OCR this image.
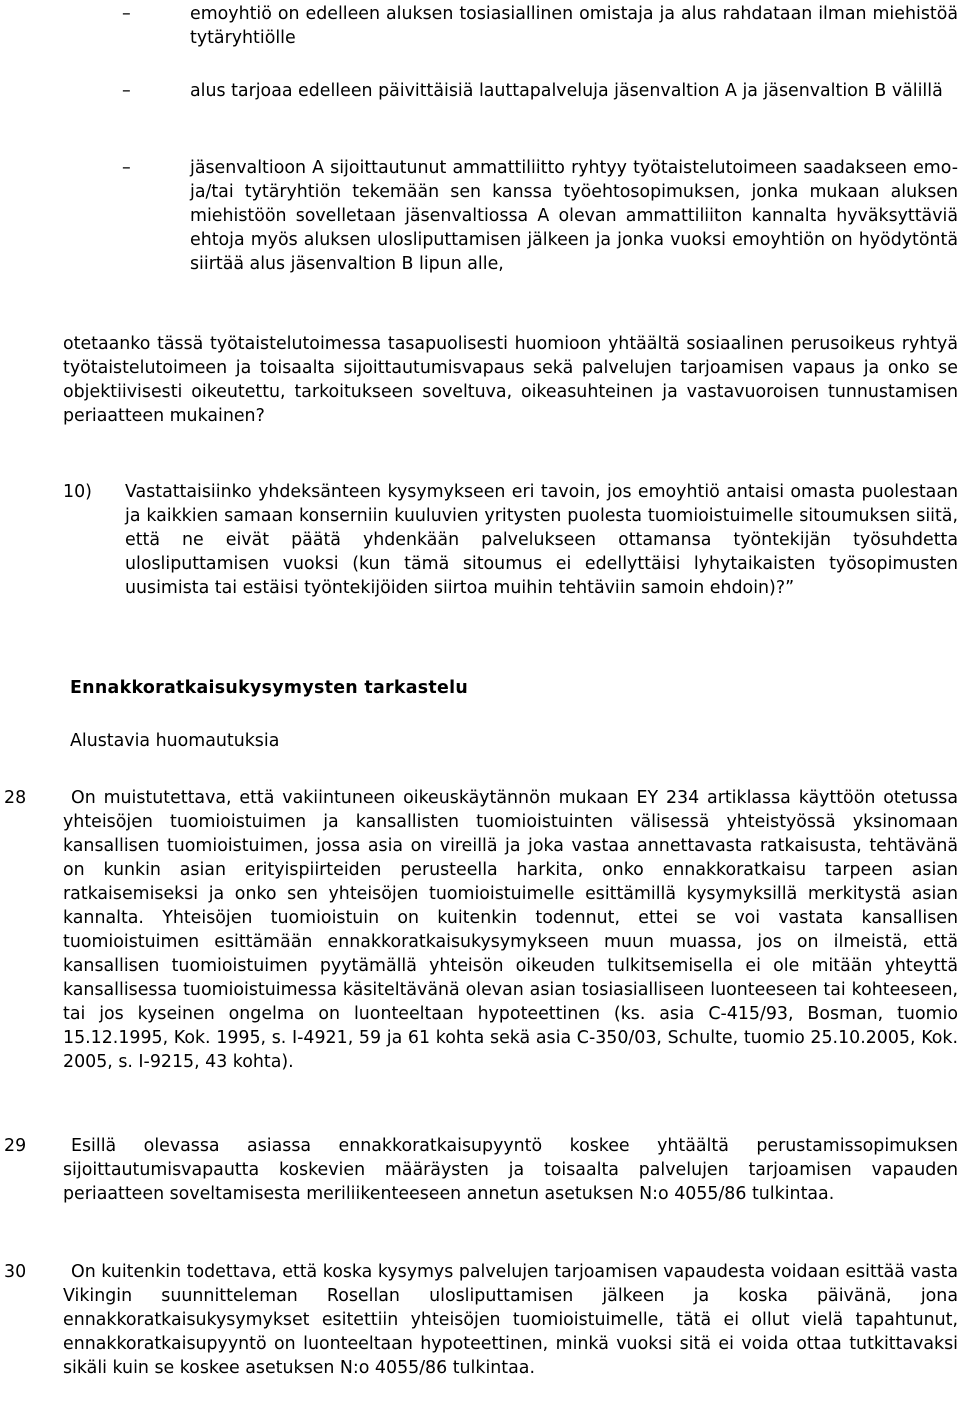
–	emoyhtiö on edelleen aluksen tosiasiallinen omistaja ja alus rahdataan ilman miehistöä tytäryhtiölle
–	alus tarjoaa edelleen päivittäisiä lauttapalveluja jäsenvaltion A ja jäsenvaltion B välillä
–	jäsenvaltioon A sijoittautunut ammattiliitto ryhtyy työtaistelutoimeen saadakseen emo- ja/tai tytäryhtiön tekemään sen kanssa työehtosopimuksen, jonka mukaan aluksen miehistöön sovelletaan jäsenvaltiossa A olevan ammattiliiton kannalta hyväksyttäviä ehtoja myös aluksen ulosliputtamisen jälkeen ja jonka vuoksi emoyhtiön on hyödytöntä siirtää alus jäsenvaltion B lipun alle,
otetaanko tässä työtaistelutoimessa tasapuolisesti huomioon yhtäältä sosiaalinen perusoikeus ryhtyä työtaistelutoimeen ja toisaalta sijoittautumisvapaus sekä palvelujen tarjoamisen vapaus ja onko se objektiivisesti oikeutettu, tarkoitukseen soveltuva, oikeasuhteinen ja vastavuoroisen tunnustamisen periaatteen mukainen?
10) Vastattaisiinko yhdeksänteen kysymykseen eri tavoin, jos emoyhtiö antaisi omasta puolestaan ja kaikkien samaan konserniin kuuluvien yritysten puolesta tuomioistuimelle sitoumuksen siitä, että ne eivät päätä yhdenkään palvelukseen ottamansa työntekijän työsuhdetta ulosliputtamisen vuoksi (kun tämä sitoumus ei edellyttäisi lyhytaikaisten työsopimusten uusimista tai estäisi työntekijöiden siirtoa muihin tehtäviin samoin ehdoin)?”
Ennakkoratkaisukysymysten tarkastelu
Alustavia huomautuksia
28	On muistutettava, että vakiintuneen oikeuskäytännön mukaan EY 234 artiklassa käyttöön otetussa yhteisöjen tuomioistuimen ja kansallisten tuomioistuinten välisessä yhteistyössä yksinomaan kansallisen tuomioistuimen, jossa asia on vireillä ja joka vastaa annettavasta ratkaisusta, tehtävänä on kunkin asian erityispiirteiden perusteella harkita, onko ennakkoratkaisu tarpeen asian ratkaisemiseksi ja onko sen yhteisöjen tuomioistuimelle esittämillä kysymyksillä merkitystä asian kannalta. Yhteisöjen tuomioistuin on kuitenkin todennut, ettei se voi vastata kansallisen tuomioistuimen esittämään ennakkoratkaisukysymykseen muun muassa, jos on ilmeistä, että kansallisen tuomioistuimen pyytämällä yhteisön oikeuden tulkitsemisella ei ole mitään yhteyttä kansallisessa tuomioistuimessa käsiteltävänä olevan asian tosiasialliseen luonteeseen tai kohteeseen, tai jos kyseinen ongelma on luonteeltaan hypoteettinen (ks. asia C-415/93, Bosman, tuomio 15.12.1995, Kok. 1995, s. I-4921, 59 ja 61 kohta sekä asia C-350/03, Schulte, tuomio 25.10.2005, Kok. 2005, s. I-9215, 43 kohta).
29	Esillä olevassa asiassa ennakkoratkaisupyyntö koskee yhtäältä perustamissopimuksen sijoittautumisvapautta koskevien määräysten ja toisaalta palvelujen tarjoamisen vapauden periaatteen soveltamisesta meriliikenteeseen annetun asetuksen N:o 4055/86 tulkintaa.
30	On kuitenkin todettava, että koska kysymys palvelujen tarjoamisen vapaudesta voidaan esittää vasta Vikingin suunnitteleman Rosellan ulosliputtamisen jälkeen ja koska päivänä, jona ennakkoratkaisukysymykset esitettiin yhteisöjen tuomioistuimelle, tätä ei ollut vielä tapahtunut, ennakkoratkaisupyyntö on luonteeltaan hypoteettinen, minkä vuoksi sitä ei voida ottaa tutkittavaksi sikäli kuin se koskee asetuksen N:o 4055/86 tulkintaa.
